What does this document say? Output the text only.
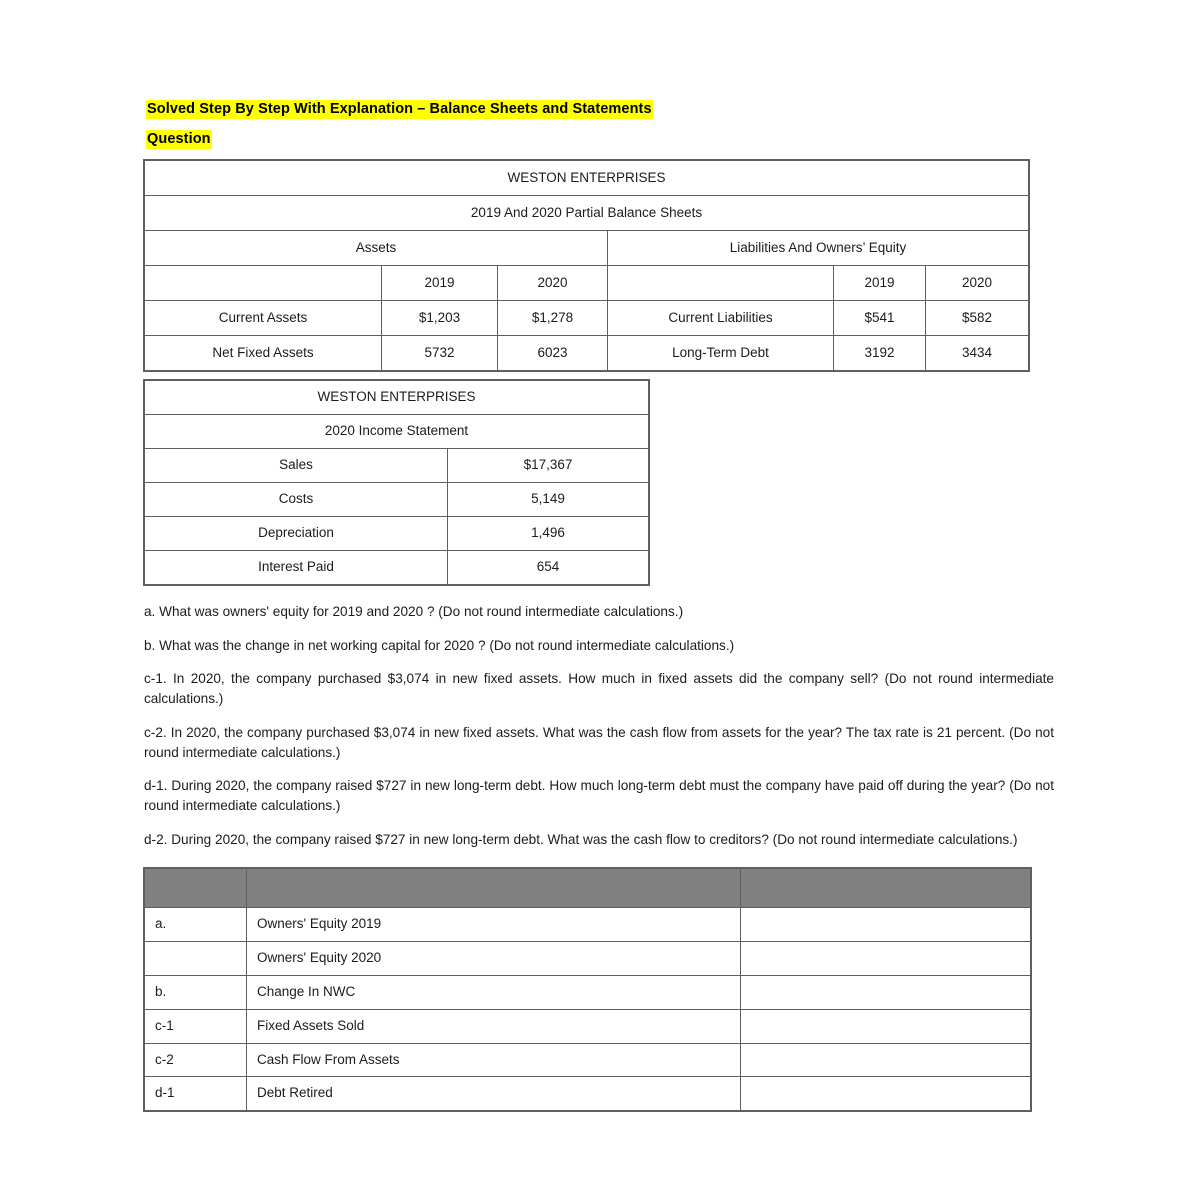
Solved Step By Step With Explanation – Balance Sheets and Statements
Question
WESTON ENTERPRISES					
2019 And 2020 Partial Balance Sheets					
Assets			Liabilities And Owners’ Equity		
	2019	2020		2019	2020
Current Assets	$1,203	$1,278	Current Liabilities	$541	$582
Net Fixed Assets	5732	6023	Long-Term Debt	3192	3434
WESTON ENTERPRISES	
2020 Income Statement	
Sales	$17,367
Costs	5,149
Depreciation	1,496
Interest Paid	654

a. What was owners' equity for 2019 and 2020 ? (Do not round intermediate calculations.)

b. What was the change in net working capital for 2020 ? (Do not round intermediate calculations.)

c-1. In 2020, the company purchased $3,074 in new fixed assets. How much in fixed assets did the company sell? (Do not round intermediate calculations.)

c-2. In 2020, the company purchased $3,074 in new fixed assets. What was the cash flow from assets for the year? The tax rate is 21 percent. (Do not round intermediate calculations.)

d-1. During 2020, the company raised $727 in new long-term debt. How much long-term debt must the company have paid off during the year? (Do not round intermediate calculations.)

d-2. During 2020, the company raised $727 in new long-term debt. What was the cash flow to creditors? (Do not round intermediate calculations.)

a.	Owners' Equity 2019	
	Owners' Equity 2020	
b.	Change In NWC	
c-1	Fixed Assets Sold	
c-2	Cash Flow From Assets	
d-1	Debt Retired	
